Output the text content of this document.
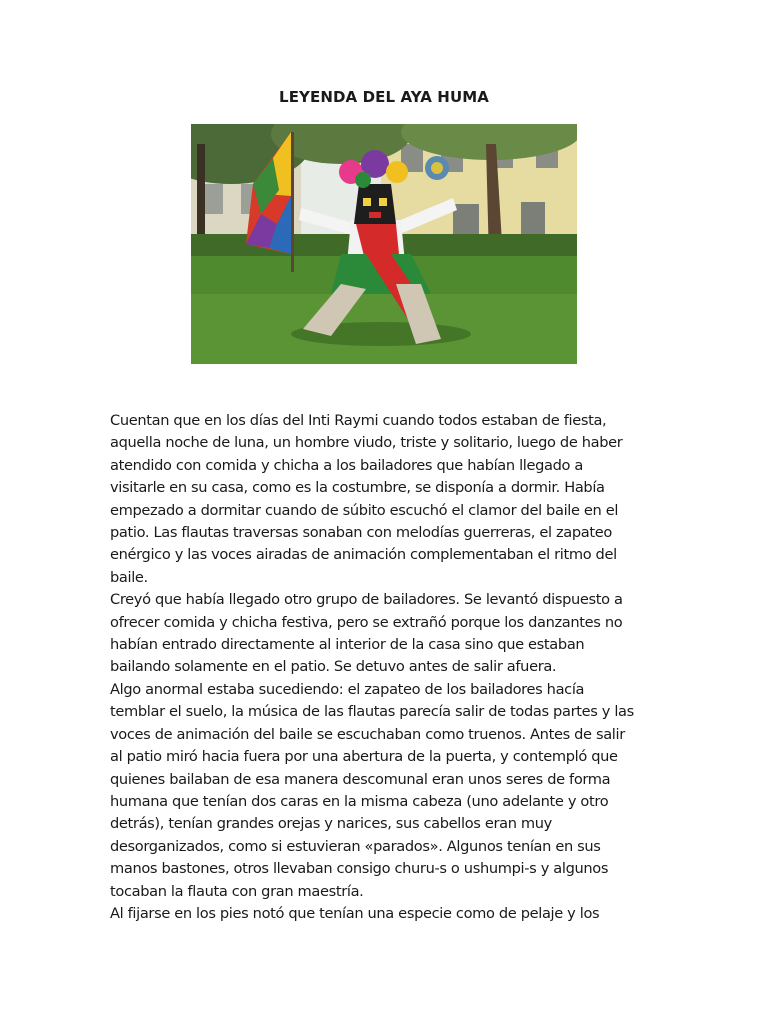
LEYENDA DEL AYA HUMA
Cuentan que en los días del Inti Raymi cuando todos estaban de fiesta,
aquella noche de luna, un hombre viudo, triste y solitario, luego de haber
atendido con comida y chicha a los bailadores que habían llegado a
visitarle en su casa, como es la costumbre, se disponía a dormir. Había
empezado a dormitar cuando de súbito escuchó el clamor del baile en el
patio. Las flautas traversas sonaban con melodías guerreras, el zapateo
enérgico y las voces airadas de animación complementaban el ritmo del
baile.
Creyó que había llegado otro grupo de bailadores. Se levantó dispuesto a
ofrecer comida y chicha festiva, pero se extrañó porque los danzantes no
habían entrado directamente al interior de la casa sino que estaban
bailando solamente en el patio. Se detuvo antes de salir afuera.
Algo anormal estaba sucediendo: el zapateo de los bailadores hacía
temblar el suelo, la música de las flautas parecía salir de todas partes y las
voces de animación del baile se escuchaban como truenos. Antes de salir
al patio miró hacia fuera por una abertura de la puerta, y contempló que
quienes bailaban de esa manera descomunal eran unos seres de forma
humana que tenían dos caras en la misma cabeza (uno adelante y otro
detrás), tenían grandes orejas y narices, sus cabellos eran muy
desorganizados, como si estuvieran «parados». Algunos tenían en sus
manos bastones, otros llevaban consigo churu-s o ushumpi-s y algunos
tocaban la flauta con gran maestría.
Al fijarse en los pies notó que tenían una especie como de pelaje y los
